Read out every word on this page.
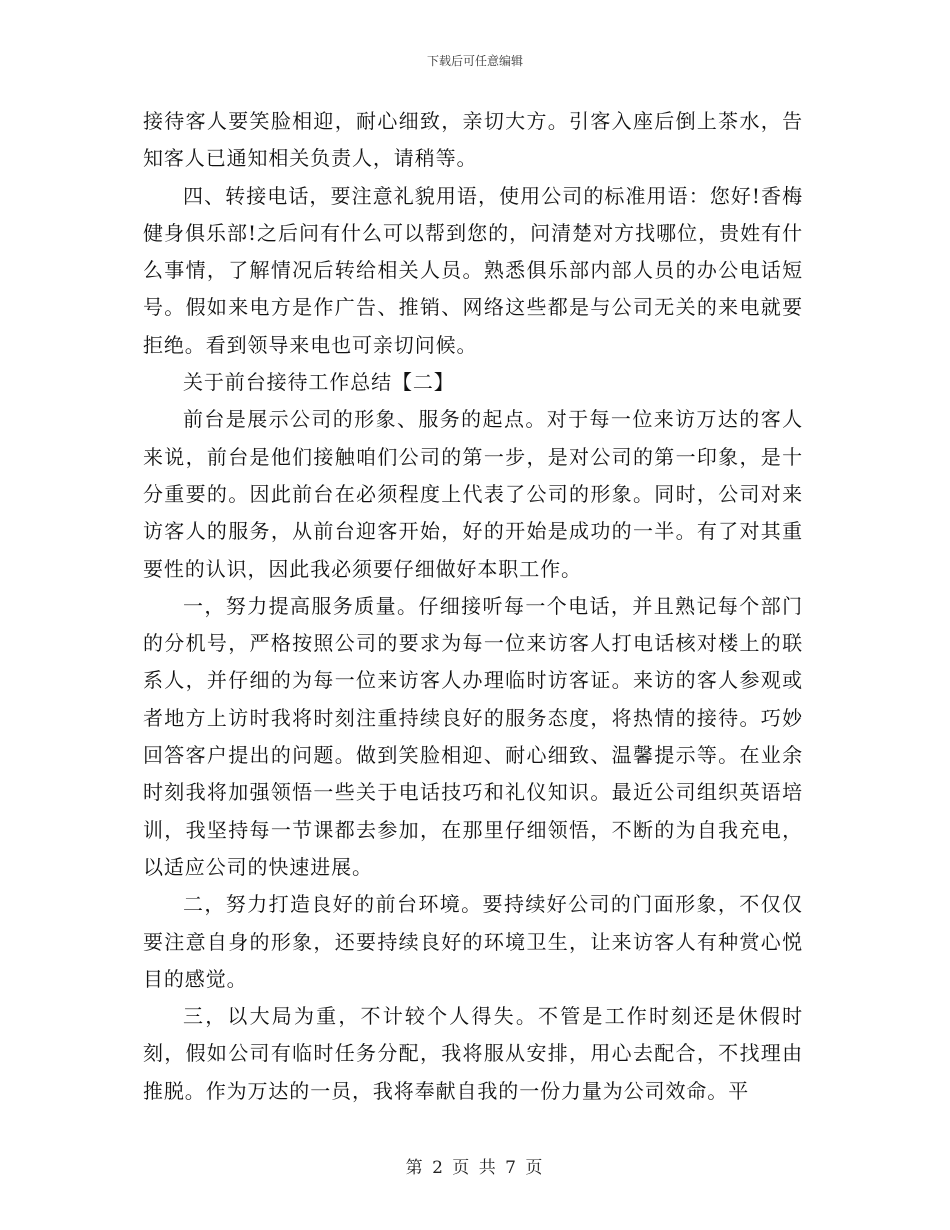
下载后可任意编辑

接待客人要笑脸相迎，耐心细致，亲切大方。引客入座后倒上茶水，告知客人已通知相关负责人，请稍等。

四、转接电话，要注意礼貌用语，使用公司的标准用语：您好!香梅健身俱乐部!之后问有什么可以帮到您的，问清楚对方找哪位，贵姓有什么事情，了解情况后转给相关人员。熟悉俱乐部内部人员的办公电话短号。假如来电方是作广告、推销、网络这些都是与公司无关的来电就要拒绝。看到领导来电也可亲切问候。

关于前台接待工作总结【二】

前台是展示公司的形象、服务的起点。对于每一位来访万达的客人来说，前台是他们接触咱们公司的第一步，是对公司的第一印象，是十分重要的。因此前台在必须程度上代表了公司的形象。同时，公司对来访客人的服务，从前台迎客开始，好的开始是成功的一半。有了对其重要性的认识，因此我必须要仔细做好本职工作。

一，努力提高服务质量。仔细接听每一个电话，并且熟记每个部门的分机号，严格按照公司的要求为每一位来访客人打电话核对楼上的联系人，并仔细的为每一位来访客人办理临时访客证。来访的客人参观或者地方上访时我将时刻注重持续良好的服务态度，将热情的接待。巧妙回答客户提出的问题。做到笑脸相迎、耐心细致、温馨提示等。在业余时刻我将加强领悟一些关于电话技巧和礼仪知识。最近公司组织英语培训，我坚持每一节课都去参加，在那里仔细领悟，不断的为自我充电，以适应公司的快速进展。

二，努力打造良好的前台环境。要持续好公司的门面形象，不仅仅要注意自身的形象，还要持续良好的环境卫生，让来访客人有种赏心悦目的感觉。

三，以大局为重，不计较个人得失。不管是工作时刻还是休假时刻，假如公司有临时任务分配，我将服从安排，用心去配合，不找理由推脱。作为万达的一员，我将奉献自我的一份力量为公司效命。平

第 2 页 共 7 页
